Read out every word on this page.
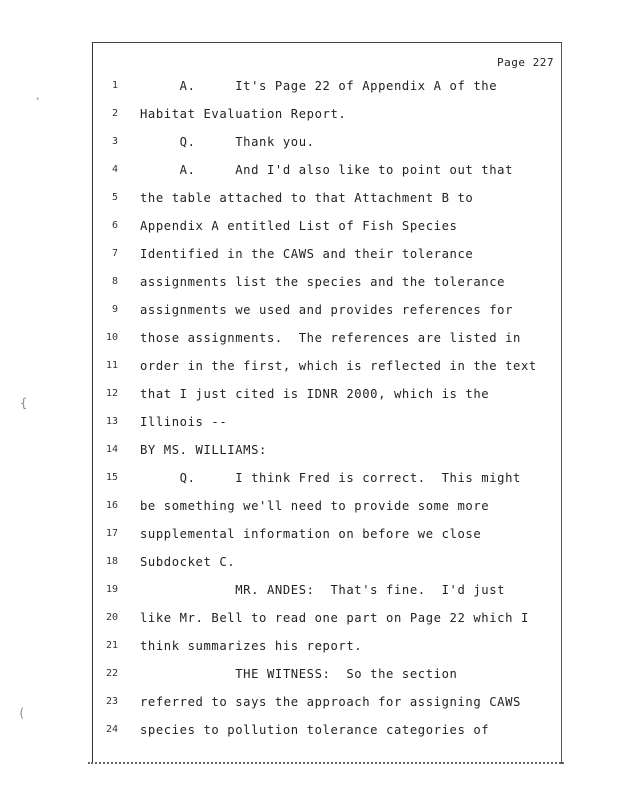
Page 227
·
{
(
1 A.     It's Page 22 of Appendix A of the
2 Habitat Evaluation Report.
3 Q.     Thank you.
4 A.     And I'd also like to point out that
5 the table attached to that Attachment B to
6 Appendix A entitled List of Fish Species
7 Identified in the CAWS and their tolerance
8 assignments list the species and the tolerance
9 assignments we used and provides references for
10 those assignments.  The references are listed in
11 order in the first, which is reflected in the text
12 that I just cited is IDNR 2000, which is the
13 Illinois --
14 BY MS. WILLIAMS:
15 Q.     I think Fred is correct.  This might
16 be something we'll need to provide some more
17 supplemental information on before we close
18 Subdocket C.
19 MR. ANDES:  That's fine.  I'd just
20 like Mr. Bell to read one part on Page 22 which I
21 think summarizes his report.
22 THE WITNESS:  So the section
23 referred to says the approach for assigning CAWS
24 species to pollution tolerance categories of
